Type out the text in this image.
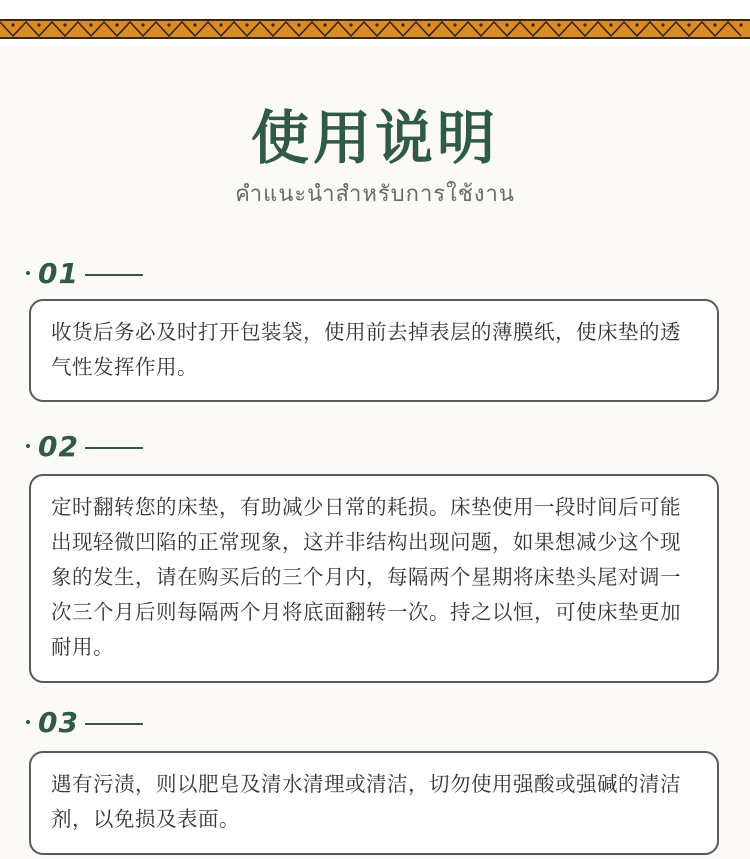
使用说明
คำแนะนำสำหรับการใช้งาน
01
收货后务必及时打开包装袋，使用前去掉表层的薄膜纸，使床垫的透气性发挥作用。
02
定时翻转您的床垫，有助减少日常的耗损。床垫使用一段时间后可能出现轻微凹陷的正常现象，这并非结构出现问题，如果想减少这个现象的发生，请在购买后的三个月内，每隔两个星期将床垫头尾对调一次三个月后则每隔两个月将底面翻转一次。持之以恒，可使床垫更加耐用。
03
遇有污渍，则以肥皂及清水清理或清洁，切勿使用强酸或强碱的清洁剂，以免损及表面。
